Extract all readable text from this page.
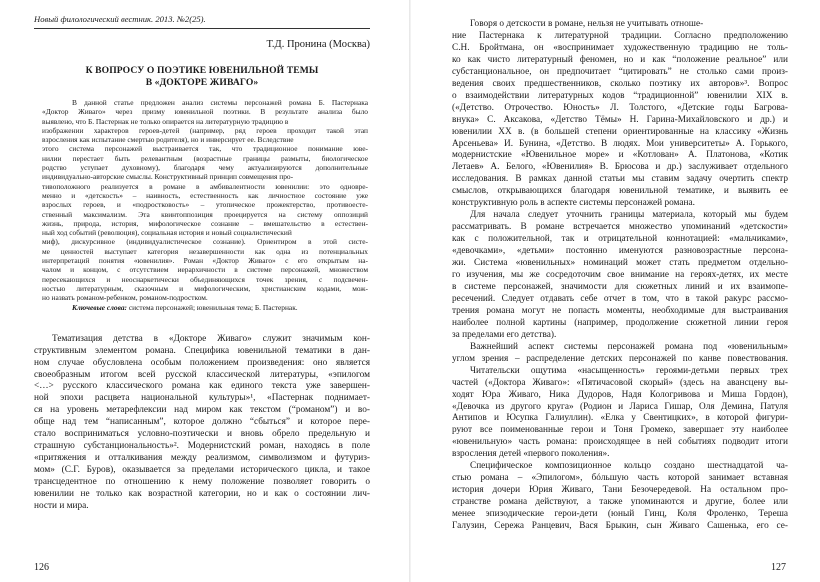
Новый филологический вестник. 2013. №2(25).
Т.Д. Пронина (Москва)
К ВОПРОСУ О ПОЭТИКЕ ЮВЕНИЛЬНОЙ ТЕМЫ
В «ДОКТОРЕ ЖИВАГО»
В данной статье предложен анализ системы персонажей романа Б. Пастернака
«Доктор Живаго» через призму ювенильной поэтики. В результате анализа было
выявлено, что Б. Пастернак не только опирается на литературную традицию в
изображении характеров героев-детей (например, ряд героев проходит такой этап
взросления как испытание смертью родителя), но и инверсирует ее. Вследствие
этого система персонажей выстраивается так, что традиционное понимание юве-
нилии перестает быть релевантным (возрастные границы размыты, биологическое
родство уступает духовному), благодаря чему актуализируются дополнительные
индивидуально-авторские смыслы. Конструктивный принцип совмещения про-
тивоположного реализуется в романе в амбивалентности ювенилии: это одновре-
менно и «детскость» – наивность, естественность как личностное состояние уже
взрослых героев, и «подростковость» – утопическое прожектерство, противоесте-
ственный максимализм. Эта квинтоппозиция проецируется на систему оппозиций
жизнь, природа, история, мифологическое сознание – вмешательство в естествен-
ный ход событий (революция), социальная история и новый социалистический
миф), дискурсивное (индивидуалистическое сознание). Ориентиром в этой систе-
ме ценностей выступает категория незавершенности как одна из потенциальных
интерпретаций понятия «ювенилия». Роман «Доктор Живаго» с его открытым на-
чалом и концом, с отсутствием иерархичности в системе персонажей, множеством
пересекающихся и неоснаркетически объединяющихся точек зрения, с подсвечен-
ностью литературным, сказочным и мифологическим, христианским кодами, мож-
но назвать романом-ребенком, романом-подростком.
Ключевые слова: система персонажей; ювенильная тема; Б. Пастернак.
Тематизация детства в «Докторе Живаго» служит значимым кон-
структивным элементом романа. Специфика ювенильной тематики в дан-
ном случае обусловлена особым положением произведения: оно является
своеобразным итогом всей русской классической литературы, «эпилогом
<…> русского классического романа как единого текста уже завершен-
ной эпохи расцвета национальной культуры»¹, «Пастернак поднимает-
ся на уровень метарефлексии над миром как текстом (“романом”) и во-
обще над тем “написанным”, которое должно “сбыться” и которое пере-
стало восприниматься условно-поэтически и вновь обрело предельную и
страшную субстанциональность»². Модернистский роман, находясь в поле
«притяжения и отталкивания между реализмом, символизмом и футуриз-
мом» (С.Г. Буров), оказывается за пределами исторического цикла, и такое
трансцедентное по отношению к нему положение позволяет говорить о
ювенилии не только как возрастной категории, но и как о состоянии лич-
ности и мира.
126
Говоря о детскости в романе, нельзя не учитывать отноше-
ние Пастернака к литературной традиции. Согласно предположению
С.Н. Бройтмана, он «воспринимает художественную традицию не толь-
ко как чисто литературный феномен, но и как “положение реальное” или
субстанциональное, он предпочитает “цитировать” не столько сами произ-
ведения своих предшественников, сколько поэтику их авторов»³. Вопрос
о взаимодействии литературных кодов “традиционной” ювенилии XIX в.
(«Детство. Отрочество. Юность» Л. Толстого, «Детские годы Багрова-
внука» С. Аксакова, «Детство Тёмы» Н. Гарина-Михайловского и др.) и
ювенилии XX в. (в большей степени ориентированные на классику «Жизнь
Арсеньева» И. Бунина, «Детство. В людях. Мои университеты» А. Горького,
модернистские «Ювенильное море» и «Котлован» А. Платонова, «Котик
Летаев» А. Белого, «Ювенилия» В. Брюсова и др.) заслуживает отдельного
исследования. В рамках данной статьи мы ставим задачу очертить спектр
смыслов, открывающихся благодаря ювенильной тематике, и выявить ее
конструктивную роль в аспекте системы персонажей романа.
Для начала следует уточнить границы материала, который мы будем
рассматривать. В романе встречается множество упоминаний «детскости»
как с положительной, так и отрицательной коннотацией: «мальчиками»,
«девочками», «детьми» постоянно именуются разновозрастные персона-
жи. Система «ювенильных» номинаций может стать предметом отдельно-
го изучения, мы же сосредоточим свое внимание на героях-детях, их месте
в системе персонажей, значимости для сюжетных линий и их взаимопе-
ресечений. Следует отдавать себе отчет в том, что в такой ракурс рассмо-
трения романа могут не попасть моменты, необходимые для выстраивания
наиболее полной картины (например, продолжение сюжетной линии героя
за пределами его детства).
Важнейший аспект системы персонажей романа под «ювенильным»
углом зрения – распределение детских персонажей по канве повествования.
Читательски ощутима «насыщенность» героями-детьми первых трех
частей («Доктора Живаго»: «Пятичасовой скорый» (здесь на авансцену вы-
ходят Юра Живаго, Ника Дудоров, Надя Кологривова и Миша Гордон),
«Девочка из другого круга» (Родион и Лариса Гишар, Оля Демина, Патуля
Антипов и Юсупка Галиуллин). «Елка у Свентицких», в которой фигури-
руют все поименованные герои и Тоня Громеко, завершает эту наиболее
«ювенильную» часть романа: происходящее в ней событиях подводит итоги
взросления детей «первого поколения».
Специфическое композиционное кольцо создано шестнадцатой ча-
стью романа – «Эпилогом», бóльшую часть которой занимает вставная
история дочери Юрия Живаго, Тани Безочередевой. На остальном про-
странстве романа действуют, а также упоминаются и другие, более или
менее эпизодические герои-дети (юный Гинц, Коля Фроленко, Тереша
Галузин, Сережа Ранцевич, Вася Брыкин, сын Живаго Сашенька, его се-
127
